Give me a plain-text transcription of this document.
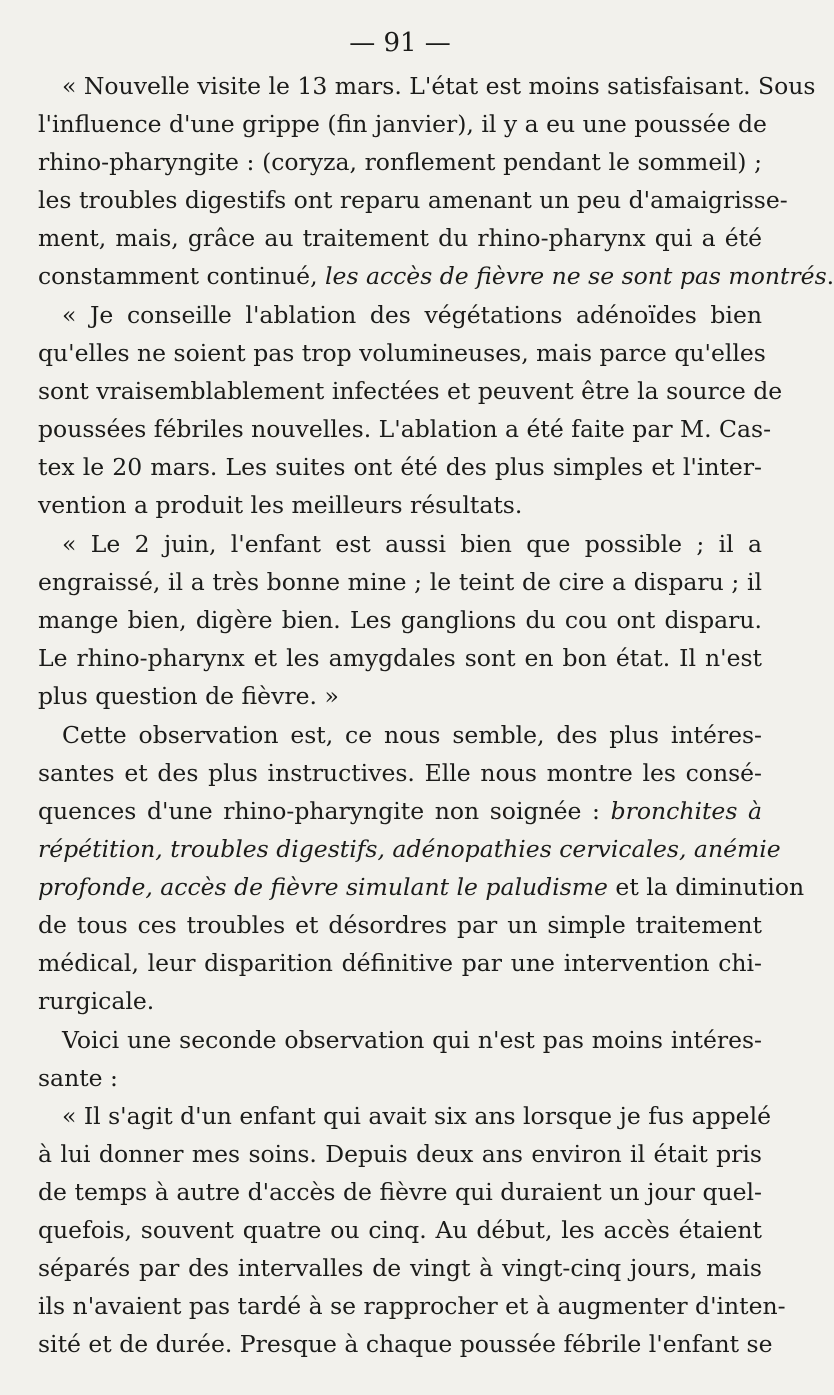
— 91 —
« Nouvelle visite le 13 mars. L'état est moins satisfaisant. Sous
l'influence d'une grippe (fin janvier), il y a eu une poussée de
rhino-pharyngite : (coryza, ronflement pendant le sommeil) ;
les troubles digestifs ont reparu amenant un peu d'amaigrisse-
ment, mais, grâce au traitement du rhino-pharynx qui a été
constamment continué, les accès de fièvre ne se sont pas montrés.
« Je conseille l'ablation des végétations adénoïdes bien
qu'elles ne soient pas trop volumineuses, mais parce qu'elles
sont vraisemblablement infectées et peuvent être la source de
poussées fébriles nouvelles. L'ablation a été faite par M. Cas-
tex le 20 mars. Les suites ont été des plus simples et l'inter-
vention a produit les meilleurs résultats.
« Le 2 juin, l'enfant est aussi bien que possible ; il a
engraissé, il a très bonne mine ; le teint de cire a disparu ; il
mange bien, digère bien. Les ganglions du cou ont disparu.
Le rhino-pharynx et les amygdales sont en bon état. Il n'est
plus question de fièvre. »
Cette observation est, ce nous semble, des plus intéres-
santes et des plus instructives. Elle nous montre les consé-
quences d'une rhino-pharyngite non soignée : bronchites à
répétition, troubles digestifs, adénopathies cervicales, anémie
profonde, accès de fièvre simulant le paludisme et la diminution
de tous ces troubles et désordres par un simple traitement
médical, leur disparition définitive par une intervention chi-
rurgicale.
Voici une seconde observation qui n'est pas moins intéres-
sante :
« Il s'agit d'un enfant qui avait six ans lorsque je fus appelé
à lui donner mes soins. Depuis deux ans environ il était pris
de temps à autre d'accès de fièvre qui duraient un jour quel-
quefois, souvent quatre ou cinq. Au début, les accès étaient
séparés par des intervalles de vingt à vingt-cinq jours, mais
ils n'avaient pas tardé à se rapprocher et à augmenter d'inten-
sité et de durée. Presque à chaque poussée fébrile l'enfant se
